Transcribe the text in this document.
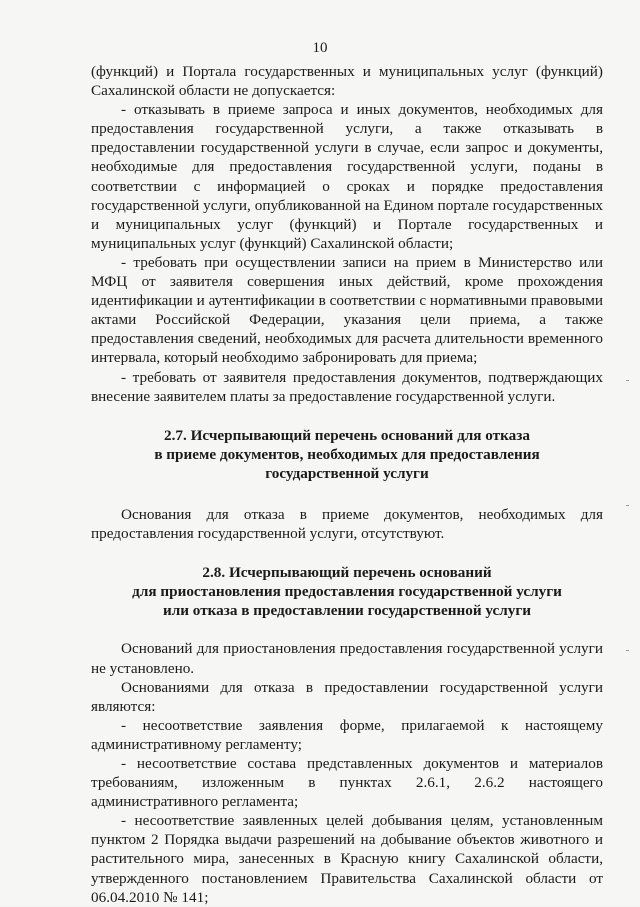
10

(функций) и Портала государственных и муниципальных услуг (функций) Сахалинской области не допускается:

- отказывать в приеме запроса и иных документов, необходимых для предоставления государственной услуги, а также отказывать в предоставлении государственной услуги в случае, если запрос и документы, необходимые для предоставления государственной услуги, поданы в соответствии с информацией о сроках и порядке предоставления государственной услуги, опубликованной на Едином портале государственных и муниципальных услуг (функций) и Портале государственных и муниципальных услуг (функций) Сахалинской области;

- требовать при осуществлении записи на прием в Министерство или МФЦ от заявителя совершения иных действий, кроме прохождения идентификации и аутентификации в соответствии с нормативными правовыми актами Российской Федерации, указания цели приема, а также предоставления сведений, необходимых для расчета длительности временного интервала, который необходимо забронировать для приема;

- требовать от заявителя предоставления документов, подтверждающих внесение заявителем платы за предоставление государственной услуги.

2.7. Исчерпывающий перечень оснований для отказа

в приеме документов, необходимых для предоставления

государственной услуги

Основания для отказа в приеме документов, необходимых для предоставления государственной услуги, отсутствуют.

2.8. Исчерпывающий перечень оснований

для приостановления предоставления государственной услуги

или отказа в предоставлении государственной услуги

Оснований для приостановления предоставления государственной услуги не установлено.

Основаниями для отказа в предоставлении государственной услуги являются:

- несоответствие заявления форме, прилагаемой к настоящему административному регламенту;

- несоответствие состава представленных документов и материалов требованиям, изложенным в пунктах 2.6.1, 2.6.2 настоящего административного регламента;

- несоответствие заявленных целей добывания целям, установленным пунктом 2 Порядка выдачи разрешений на добывание объектов животного и растительного мира, занесенных в Красную книгу Сахалинской области, утвержденного постановлением Правительства Сахалинской области от 06.04.2010 № 141;
